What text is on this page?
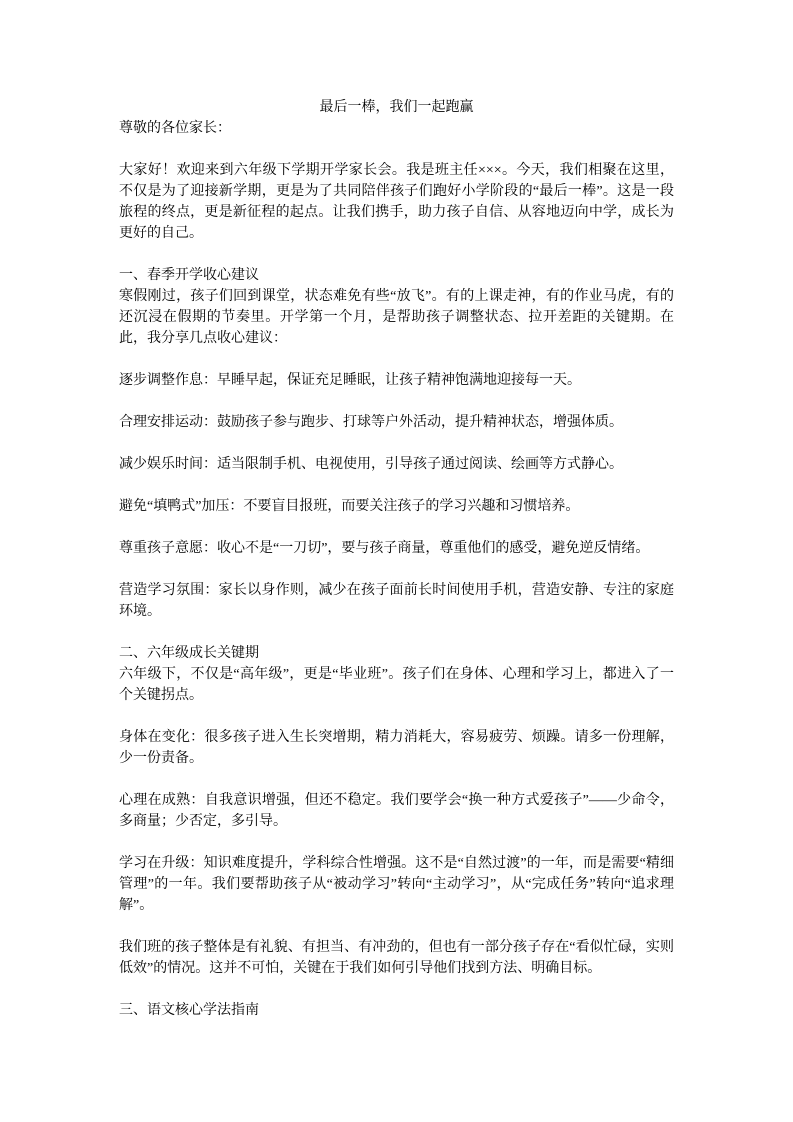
最后一棒，我们一起跑赢

尊敬的各位家长：

大家好！欢迎来到六年级下学期开学家长会。我是班主任×××。今天，我们相聚在这里，不仅是为了迎接新学期，更是为了共同陪伴孩子们跑好小学阶段的“最后一棒”。这是一段旅程的终点，更是新征程的起点。让我们携手，助力孩子自信、从容地迈向中学，成长为更好的自己。

一、春季开学收心建议

寒假刚过，孩子们回到课堂，状态难免有些“放飞”。有的上课走神，有的作业马虎，有的还沉浸在假期的节奏里。开学第一个月，是帮助孩子调整状态、拉开差距的关键期。在此，我分享几点收心建议：

逐步调整作息：早睡早起，保证充足睡眠，让孩子精神饱满地迎接每一天。

合理安排运动：鼓励孩子参与跑步、打球等户外活动，提升精神状态，增强体质。

减少娱乐时间：适当限制手机、电视使用，引导孩子通过阅读、绘画等方式静心。

避免“填鸭式”加压：不要盲目报班，而要关注孩子的学习兴趣和习惯培养。

尊重孩子意愿：收心不是“一刀切”，要与孩子商量，尊重他们的感受，避免逆反情绪。

营造学习氛围：家长以身作则，减少在孩子面前长时间使用手机，营造安静、专注的家庭环境。

二、六年级成长关键期

六年级下，不仅是“高年级”，更是“毕业班”。孩子们在身体、心理和学习上，都进入了一个关键拐点。

身体在变化：很多孩子进入生长突增期，精力消耗大，容易疲劳、烦躁。请多一份理解，少一份责备。

心理在成熟：自我意识增强，但还不稳定。我们要学会“换一种方式爱孩子”——少命令，多商量；少否定，多引导。

学习在升级：知识难度提升，学科综合性增强。这不是“自然过渡”的一年，而是需要“精细管理”的一年。我们要帮助孩子从“被动学习”转向“主动学习”，从“完成任务”转向“追求理解”。

我们班的孩子整体是有礼貌、有担当、有冲劲的，但也有一部分孩子存在“看似忙碌，实则低效”的情况。这并不可怕，关键在于我们如何引导他们找到方法、明确目标。

三、语文核心学法指南
